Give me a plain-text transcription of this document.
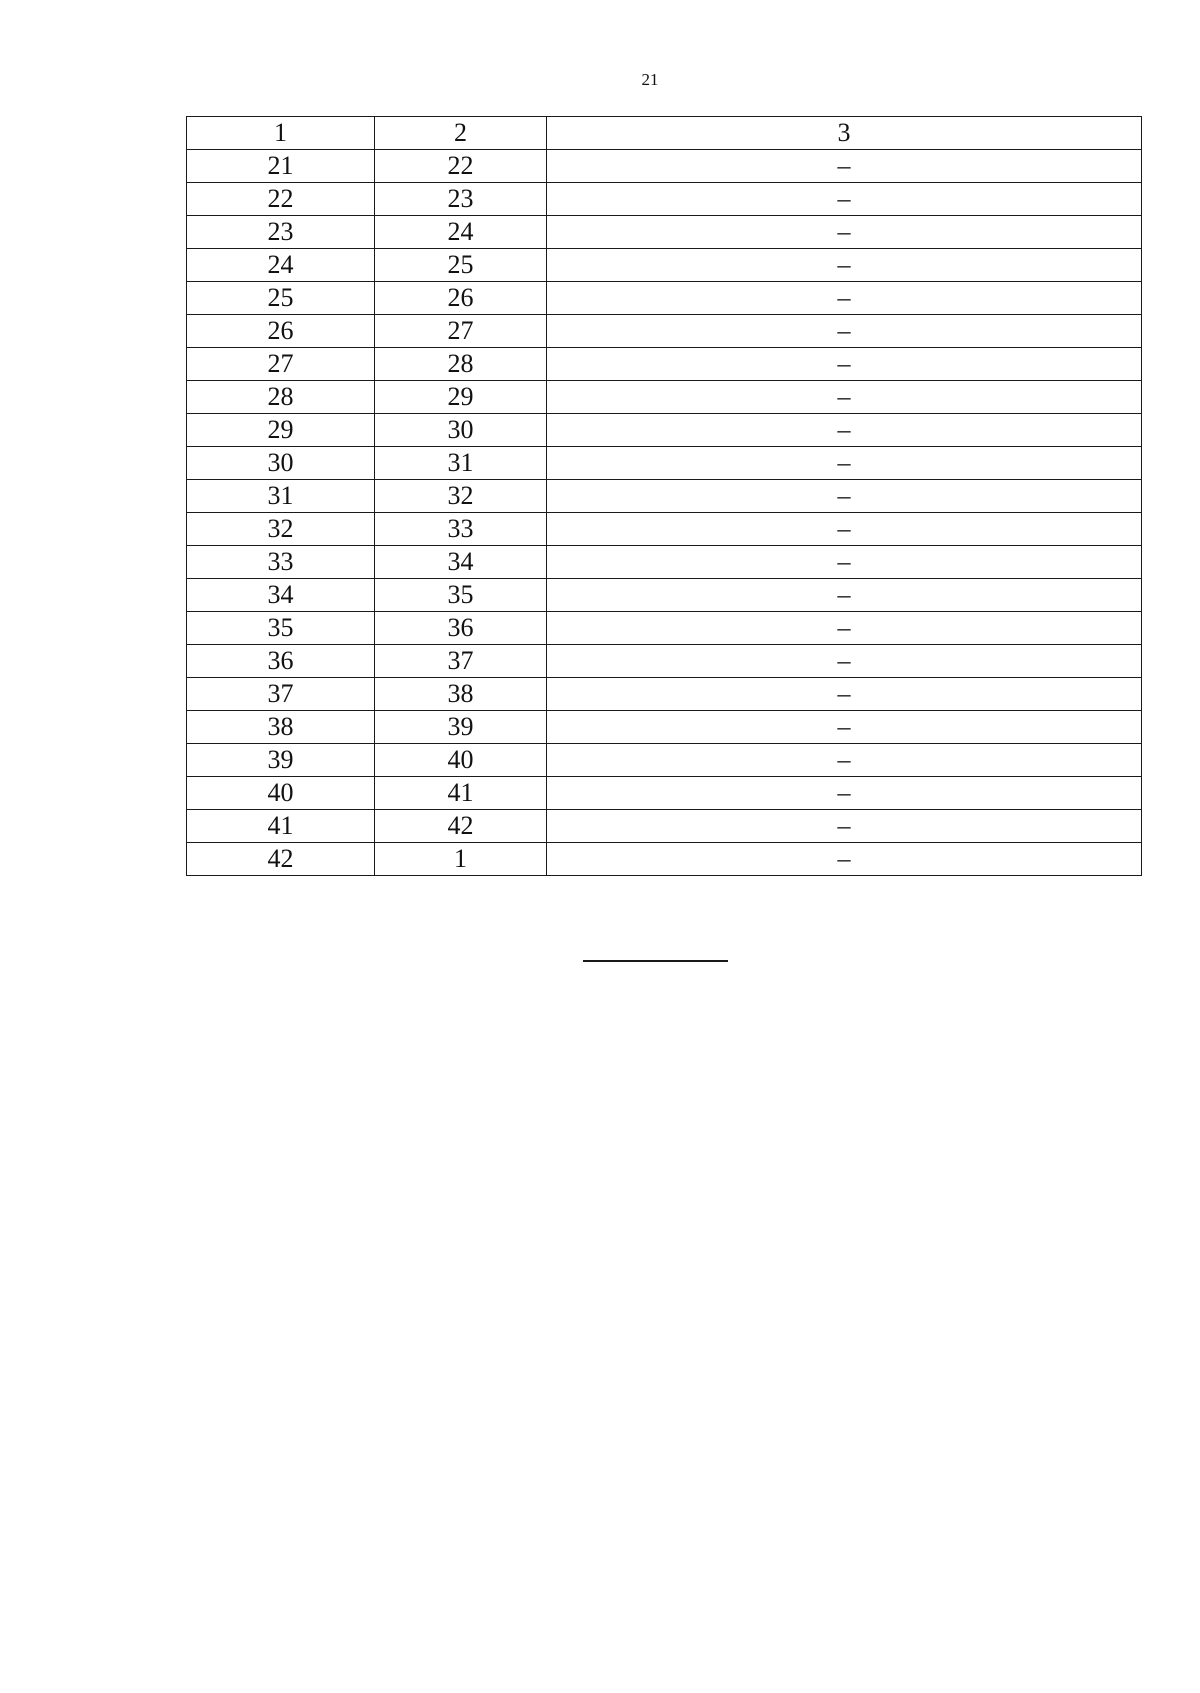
21
1	2	3
21	22	–
22	23	–
23	24	–
24	25	–
25	26	–
26	27	–
27	28	–
28	29	–
29	30	–
30	31	–
31	32	–
32	33	–
33	34	–
34	35	–
35	36	–
36	37	–
37	38	–
38	39	–
39	40	–
40	41	–
41	42	–
42	1	–
